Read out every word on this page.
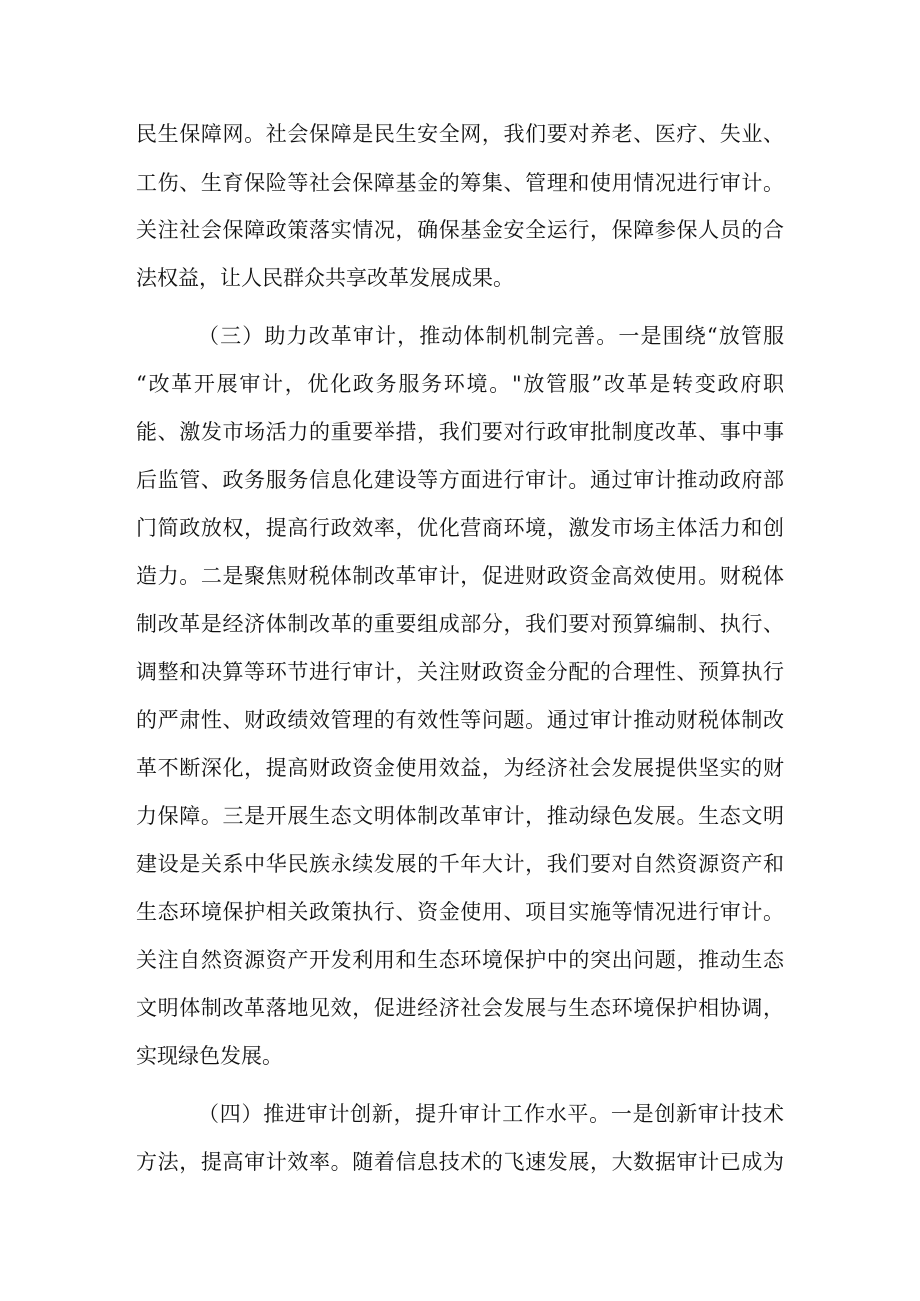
民生保障网。社会保障是民生安全网，我们要对养老、医疗、失业、
工伤、生育保险等社会保障基金的筹集、管理和使用情况进行审计。
关注社会保障政策落实情况，确保基金安全运行，保障参保人员的合
法权益，让人民群众共享改革发展成果。
（三）助力改革审计，推动体制机制完善。一是围绕“放管服
“改革开展审计，优化政务服务环境。"放管服”改革是转变政府职
能、激发市场活力的重要举措，我们要对行政审批制度改革、事中事
后监管、政务服务信息化建设等方面进行审计。通过审计推动政府部
门简政放权，提高行政效率，优化营商环境，激发市场主体活力和创
造力。二是聚焦财税体制改革审计，促进财政资金高效使用。财税体
制改革是经济体制改革的重要组成部分，我们要对预算编制、执行、
调整和决算等环节进行审计，关注财政资金分配的合理性、预算执行
的严肃性、财政绩效管理的有效性等问题。通过审计推动财税体制改
革不断深化，提高财政资金使用效益，为经济社会发展提供坚实的财
力保障。三是开展生态文明体制改革审计，推动绿色发展。生态文明
建设是关系中华民族永续发展的千年大计，我们要对自然资源资产和
生态环境保护相关政策执行、资金使用、项目实施等情况进行审计。
关注自然资源资产开发利用和生态环境保护中的突出问题，推动生态
文明体制改革落地见效，促进经济社会发展与生态环境保护相协调，
实现绿色发展。
（四）推进审计创新，提升审计工作水平。一是创新审计技术
方法，提高审计效率。随着信息技术的飞速发展，大数据审计已成为
